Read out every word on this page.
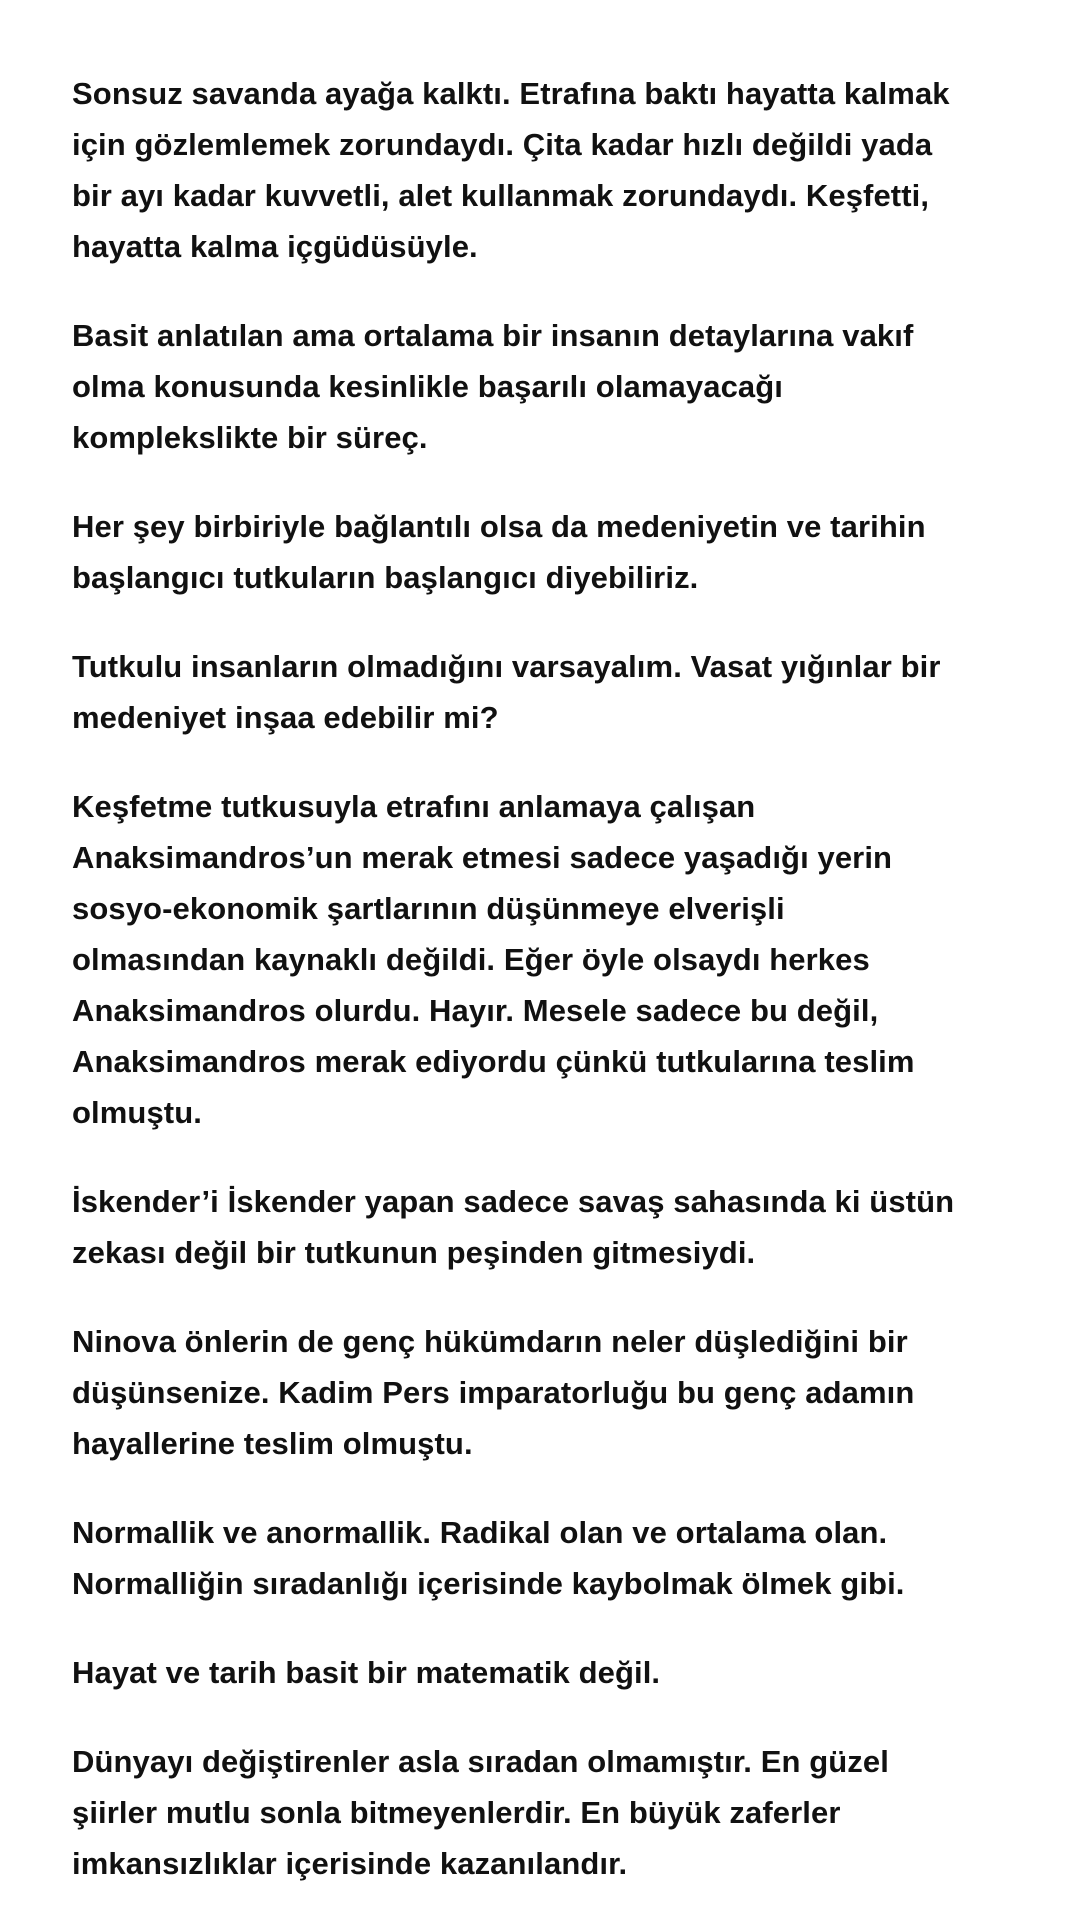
Sonsuz savanda ayağa kalktı. Etrafına baktı hayatta kalmak
için gözlemlemek zorundaydı. Çita kadar hızlı değildi yada
bir ayı kadar kuvvetli, alet kullanmak zorundaydı. Keşfetti,
hayatta kalma içgüdüsüyle.

Basit anlatılan ama ortalama bir insanın detaylarına vakıf
olma konusunda kesinlikle başarılı olamayacağı
komplekslikte bir süreç.

Her şey birbiriyle bağlantılı olsa da medeniyetin ve tarihin
başlangıcı tutkuların başlangıcı diyebiliriz.

Tutkulu insanların olmadığını varsayalım. Vasat yığınlar bir
medeniyet inşaa edebilir mi?

Keşfetme tutkusuyla etrafını anlamaya çalışan
Anaksimandros’un merak etmesi sadece yaşadığı yerin
sosyo-ekonomik şartlarının düşünmeye elverişli
olmasından kaynaklı değildi. Eğer öyle olsaydı herkes
Anaksimandros olurdu. Hayır. Mesele sadece bu değil,
Anaksimandros merak ediyordu çünkü tutkularına teslim
olmuştu.

İskender’i İskender yapan sadece savaş sahasında ki üstün
zekası değil bir tutkunun peşinden gitmesiydi.

Ninova önlerin de genç hükümdarın neler düşlediğini bir
düşünsenize. Kadim Pers imparatorluğu bu genç adamın
hayallerine teslim olmuştu.

Normallik ve anormallik. Radikal olan ve ortalama olan.
Normalliğin sıradanlığı içerisinde kaybolmak ölmek gibi.

Hayat ve tarih basit bir matematik değil.

Dünyayı değiştirenler asla sıradan olmamıştır. En güzel
şiirler mutlu sonla bitmeyenlerdir. En büyük zaferler
imkansızlıklar içerisinde kazanılandır.
